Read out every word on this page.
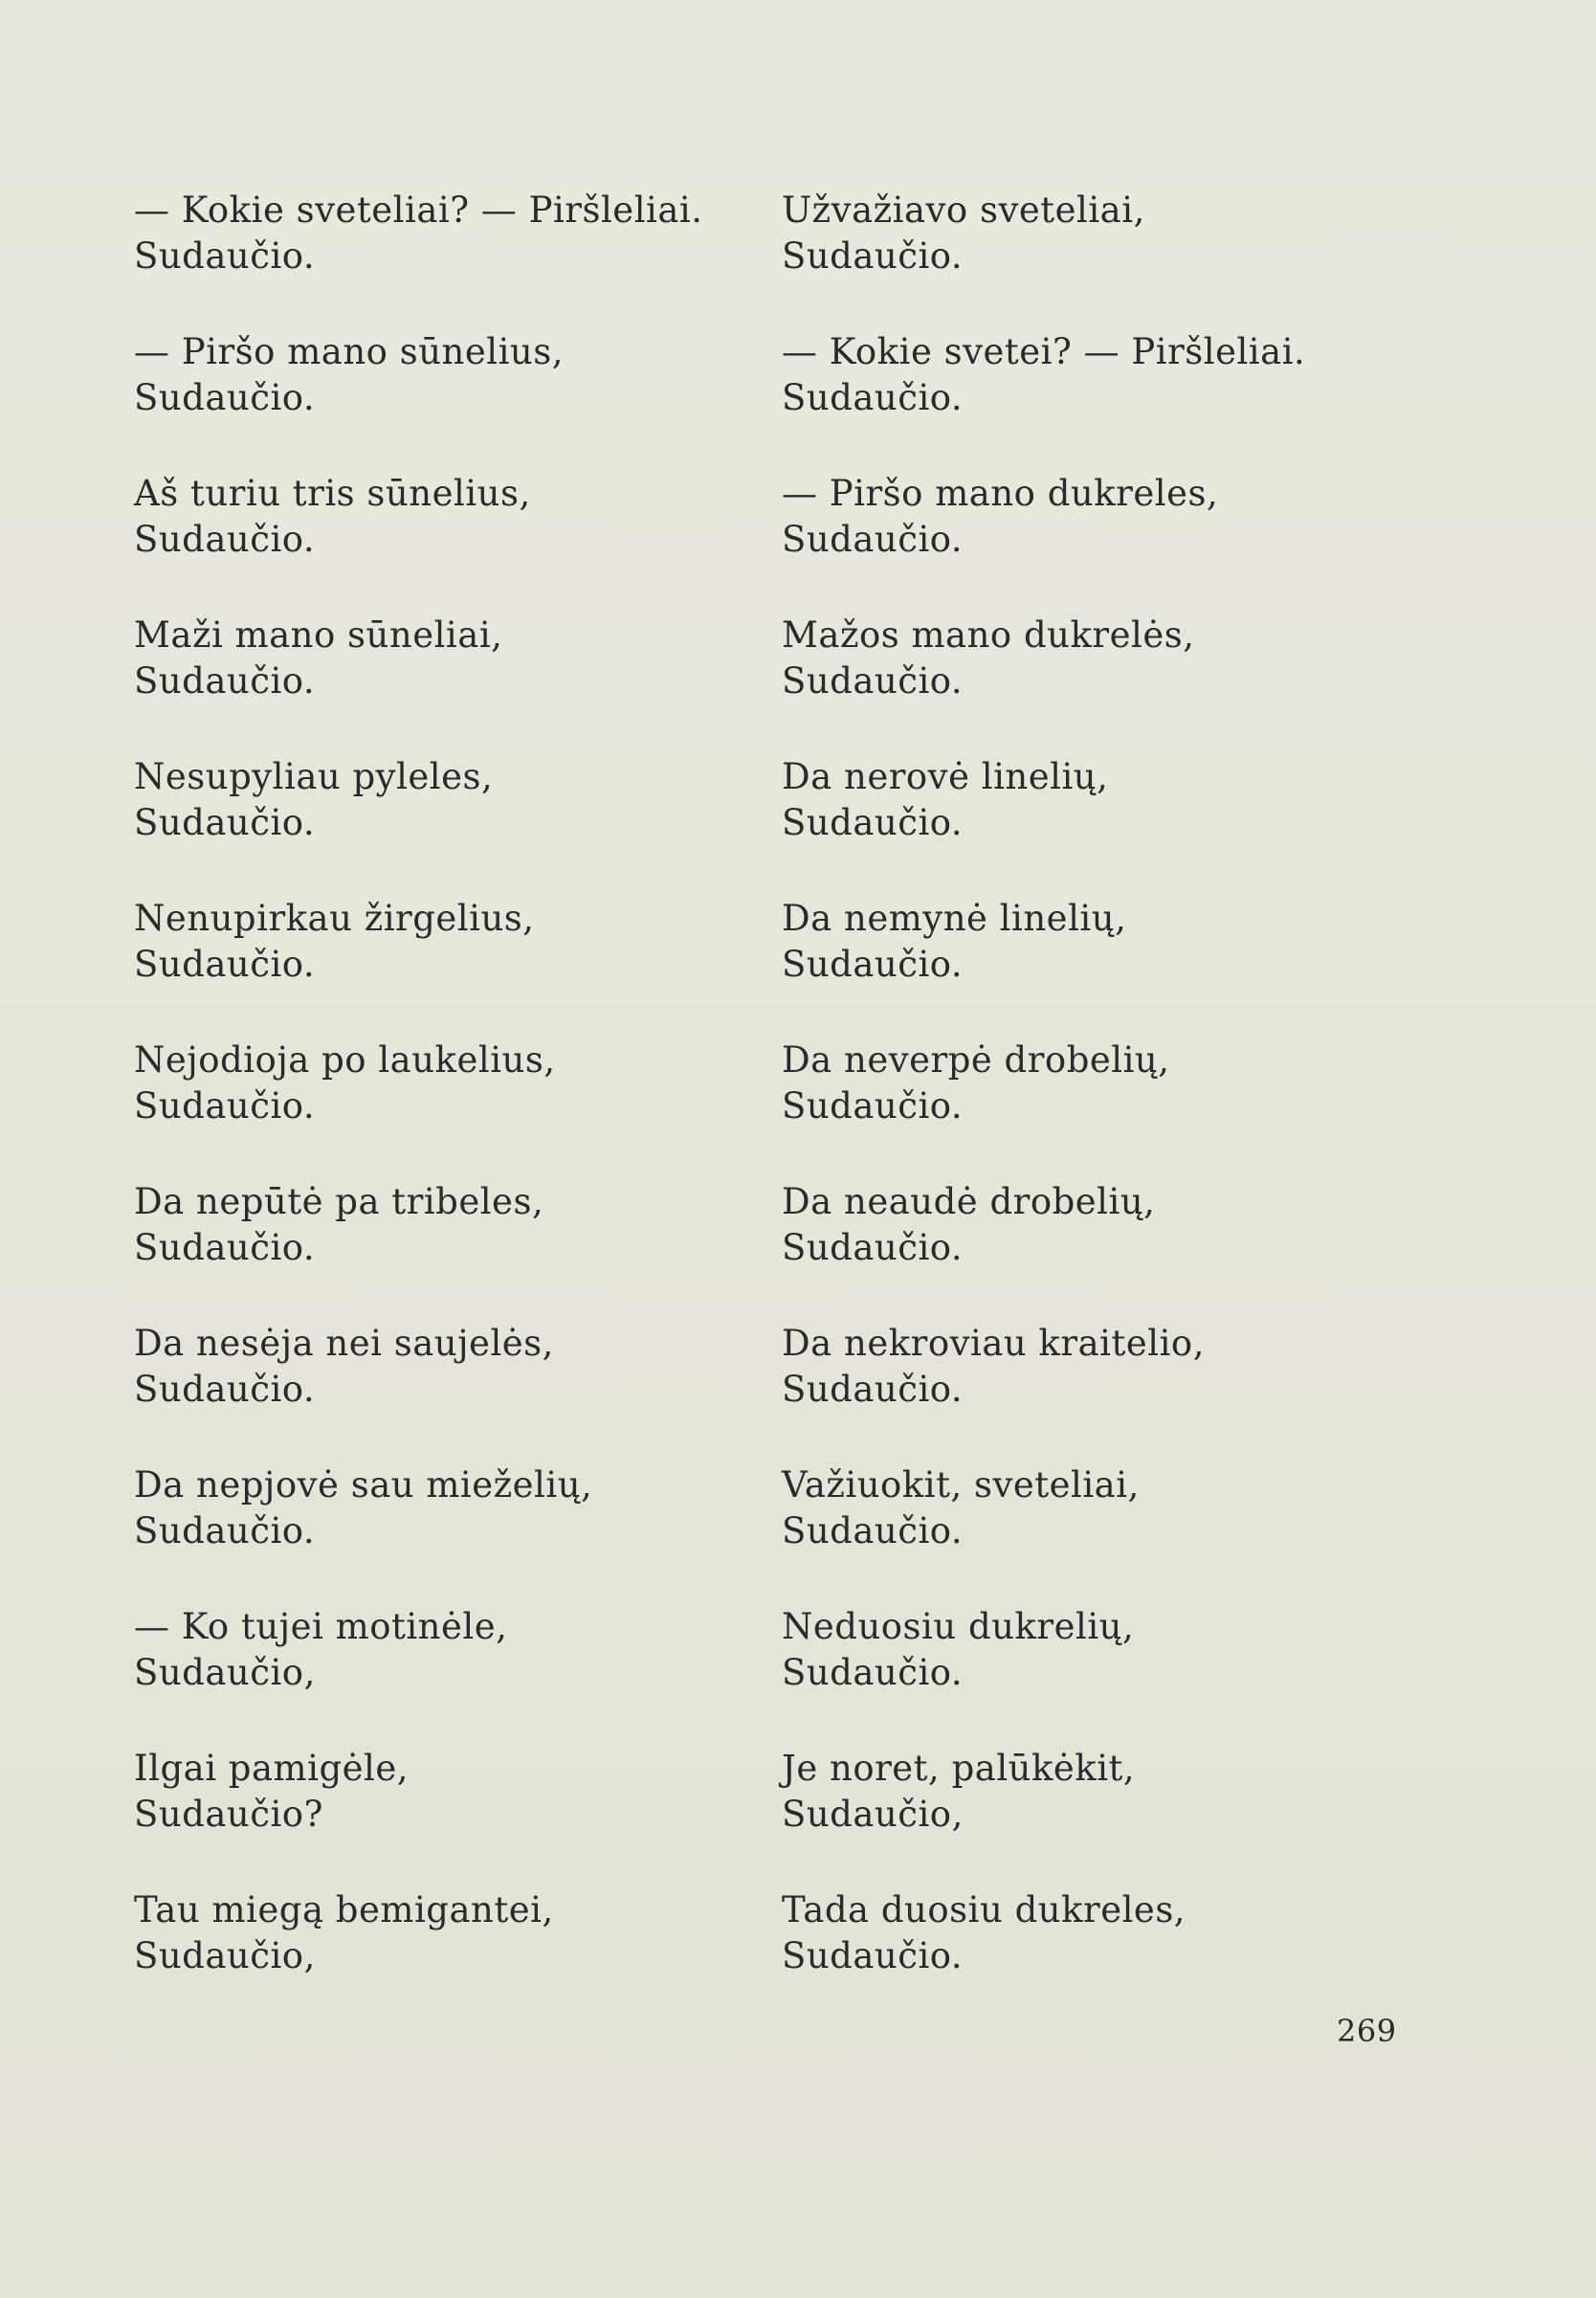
— Kokie sveteliai? — Piršleliai.
Sudaučio.
— Piršo mano sūnelius,
Sudaučio.
Aš turiu tris sūnelius,
Sudaučio.
Maži mano sūneliai,
Sudaučio.
Nesupyliau pyleles,
Sudaučio.
Nenupirkau žirgelius,
Sudaučio.
Nejodioja po laukelius,
Sudaučio.
Da nepūtė pa tribeles,
Sudaučio.
Da nesėja nei saujelės,
Sudaučio.
Da nepjovė sau mieželių,
Sudaučio.
— Ko tujei motinėle,
Sudaučio,
Ilgai pamigėle,
Sudaučio?
Tau miegą bemigantei,
Sudaučio,
Užvažiavo sveteliai,
Sudaučio.
— Kokie svetei? — Piršleliai.
Sudaučio.
— Piršo mano dukreles,
Sudaučio.
Mažos mano dukrelės,
Sudaučio.
Da nerovė linelių,
Sudaučio.
Da nemynė linelių,
Sudaučio.
Da neverpė drobelių,
Sudaučio.
Da neaudė drobelių,
Sudaučio.
Da nekroviau kraitelio,
Sudaučio.
Važiuokit, sveteliai,
Sudaučio.
Neduosiu dukrelių,
Sudaučio.
Je noret, palūkėkit,
Sudaučio,
Tada duosiu dukreles,
Sudaučio.
269
